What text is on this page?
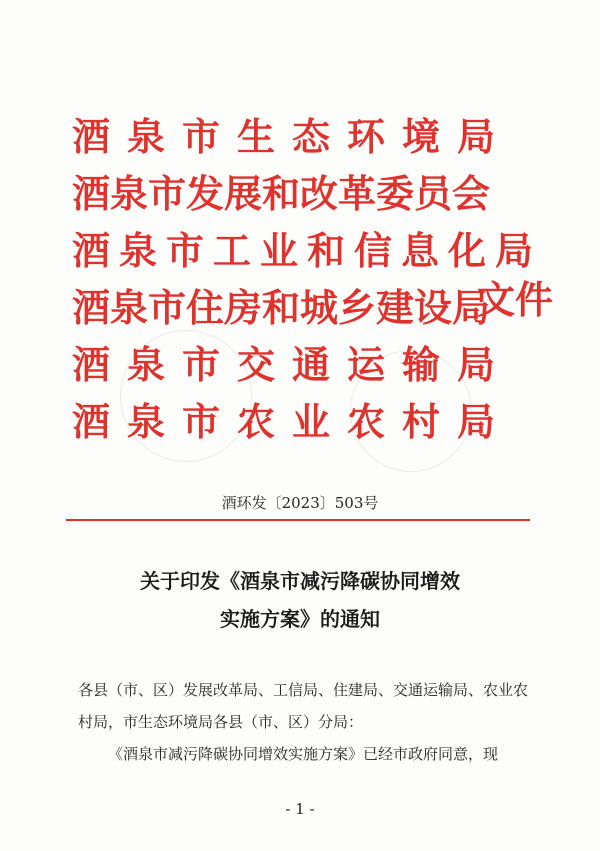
酒泉市生态环境局
酒泉市发展和改革委员会
酒泉市工业和信息化局
酒泉市住房和城乡建设局
酒泉市交通运输局
酒泉市农业农村局
文件
酒环发〔2023〕503号
关于印发《酒泉市减污降碳协同增效
实施方案》的通知

各县（市、区）发展改革局、工信局、住建局、交通运输局、农业农村局，市生态环境局各县（市、区）分局：

《酒泉市减污降碳协同增效实施方案》已经市政府同意，现

- 1 -
